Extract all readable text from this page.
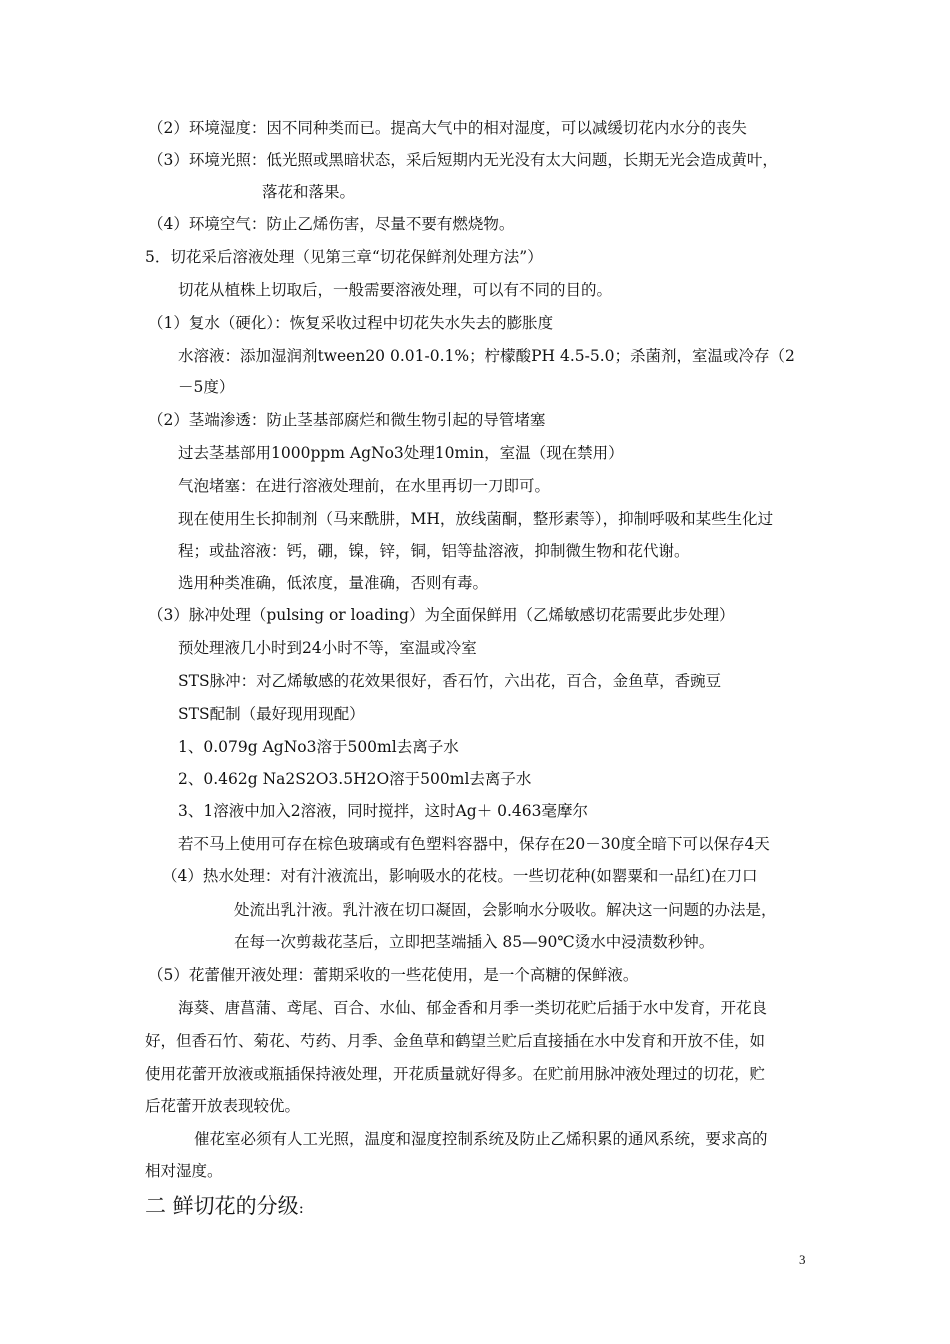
（2）环境湿度：因不同种类而已。提高大气中的相对湿度，可以减缓切花内水分的丧失
（3）环境光照：低光照或黑暗状态，采后短期内无光没有太大问题，长期无光会造成黄叶，
落花和落果。
（4）环境空气：防止乙烯伤害，尽量不要有燃烧物。
5．切花采后溶液处理（见第三章“切花保鲜剂处理方法”）
切花从植株上切取后，一般需要溶液处理，可以有不同的目的。
（1）复水（硬化）：恢复采收过程中切花失水失去的膨胀度
水溶液：添加湿润剂tween20 0.01-0.1%；柠檬酸PH 4.5-5.0；杀菌剂，室温或冷存（2
－5度）
（2）茎端渗透：防止茎基部腐烂和微生物引起的导管堵塞
过去茎基部用1000ppm AgNo3处理10min，室温（现在禁用）
气泡堵塞：在进行溶液处理前，在水里再切一刀即可。
现在使用生长抑制剂（马来酰肼，MH，放线菌酮，整形素等），抑制呼吸和某些生化过
程；或盐溶液：钙，硼，镍，锌，铜，铝等盐溶液，抑制微生物和花代谢。
选用种类准确，低浓度，量准确，否则有毒。
（3）脉冲处理（pulsing or loading）为全面保鲜用（乙烯敏感切花需要此步处理）
预处理液几小时到24小时不等，室温或冷室
STS脉冲：对乙烯敏感的花效果很好，香石竹，六出花，百合，金鱼草，香豌豆
STS配制（最好现用现配）
1、0.079g AgNo3溶于500ml去离子水
2、0.462g Na2S2O3.5H2O溶于500ml去离子水
3、1溶液中加入2溶液，同时搅拌，这时Ag＋ 0.463毫摩尔
若不马上使用可存在棕色玻璃或有色塑料容器中，保存在20－30度全暗下可以保存4天
（4）热水处理：对有汁液流出，影响吸水的花枝。一些切花种(如罂粟和一品红)在刀口
处流出乳汁液。乳汁液在切口凝固，会影响水分吸收。解决这一问题的办法是，
在每一次剪裁花茎后，立即把茎端插入 85—90℃烫水中浸渍数秒钟。
（5）花蕾催开液处理：蕾期采收的一些花使用，是一个高糖的保鲜液。
海葵、唐菖蒲、鸢尾、百合、水仙、郁金香和月季一类切花贮后插于水中发育，开花良
好，但香石竹、菊花、芍药、月季、金鱼草和鹤望兰贮后直接插在水中发育和开放不佳，如
使用花蕾开放液或瓶插保持液处理，开花质量就好得多。在贮前用脉冲液处理过的切花，贮
后花蕾开放表现较优。
催花室必须有人工光照，温度和湿度控制系统及防止乙烯积累的通风系统，要求高的
相对湿度。
二 鲜切花的分级:
3
